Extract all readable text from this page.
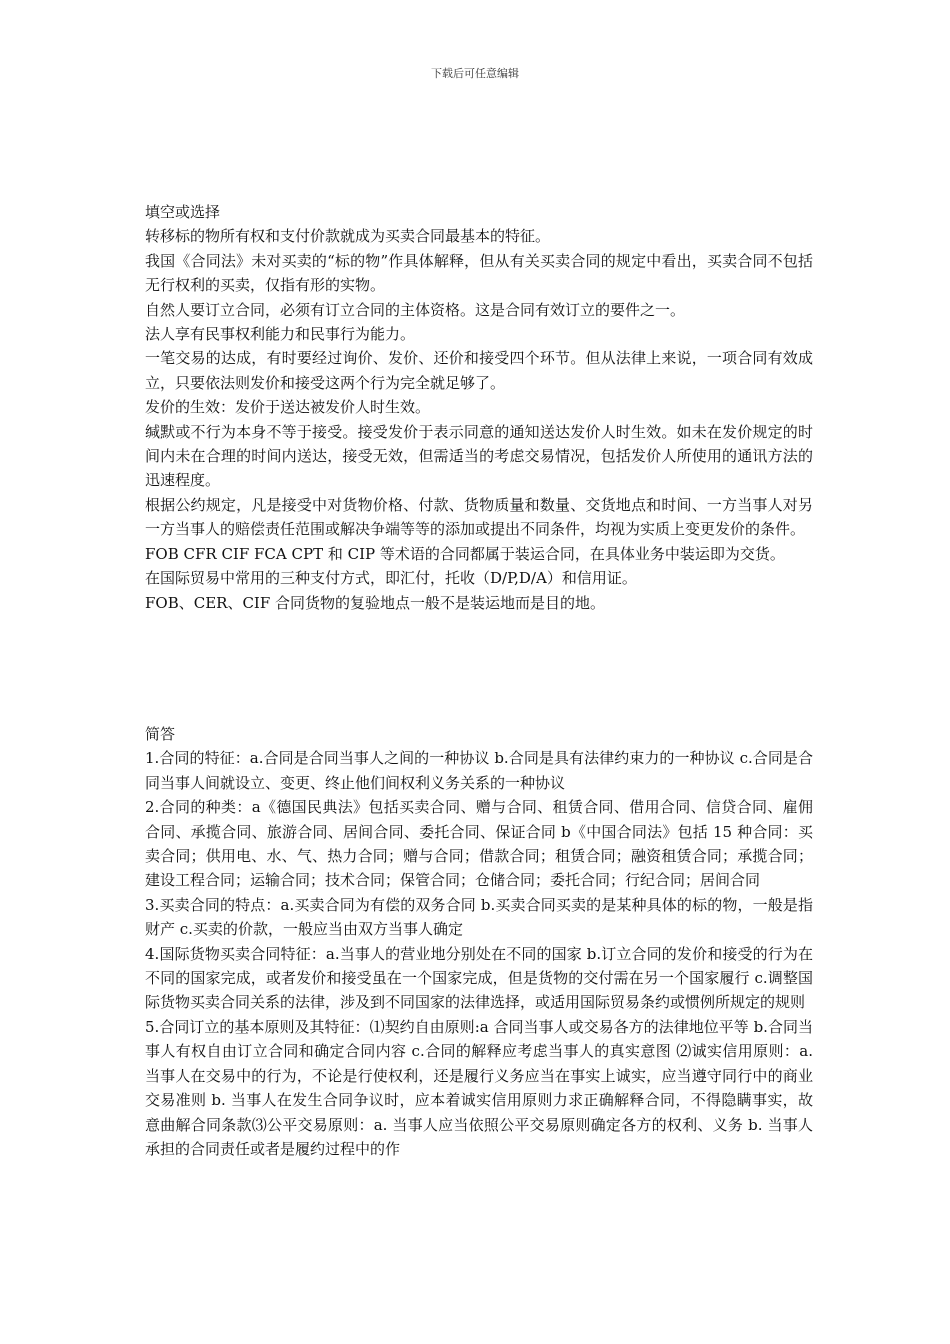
下载后可任意编辑

填空或选择

转移标的物所有权和支付价款就成为买卖合同最基本的特征。

我国《合同法》未对买卖的“标的物”作具体解释，但从有关买卖合同的规定中看出，买卖合同不包括无行权利的买卖，仅指有形的实物。

自然人要订立合同，必须有订立合同的主体资格。这是合同有效订立的要件之一。

法人享有民事权利能力和民事行为能力。

一笔交易的达成，有时要经过询价、发价、还价和接受四个环节。但从法律上来说，一项合同有效成立，只要依法则发价和接受这两个行为完全就足够了。

发价的生效：发价于送达被发价人时生效。

缄默或不行为本身不等于接受。接受发价于表示同意的通知送达发价人时生效。如未在发价规定的时间内未在合理的时间内送达，接受无效，但需适当的考虑交易情况，包括发价人所使用的通讯方法的迅速程度。

根据公约规定，凡是接受中对货物价格、付款、货物质量和数量、交货地点和时间、一方当事人对另一方当事人的赔偿责任范围或解决争端等等的添加或提出不同条件，均视为实质上变更发价的条件。

FOB CFR CIF FCA CPT 和 CIP 等术语的合同都属于装运合同，在具体业务中装运即为交货。

在国际贸易中常用的三种支付方式，即汇付，托收（D/P,D/A）和信用证。

FOB、CER、CIF 合同货物的复验地点一般不是装运地而是目的地。

简答

1.合同的特征：a.合同是合同当事人之间的一种协议 b.合同是具有法律约束力的一种协议 c.合同是合同当事人间就设立、变更、终止他们间权利义务关系的一种协议

2.合同的种类：a《德国民典法》包括买卖合同、赠与合同、租赁合同、借用合同、信贷合同、雇佣合同、承揽合同、旅游合同、居间合同、委托合同、保证合同 b《中国合同法》包括 15 种合同：买卖合同；供用电、水、气、热力合同；赠与合同；借款合同；租赁合同；融资租赁合同；承揽合同；建设工程合同；运输合同；技术合同；保管合同；仓储合同；委托合同；行纪合同；居间合同

3.买卖合同的特点：a.买卖合同为有偿的双务合同 b.买卖合同买卖的是某种具体的标的物，一般是指财产 c.买卖的价款，一般应当由双方当事人确定

4.国际货物买卖合同特征：a.当事人的营业地分别处在不同的国家 b.订立合同的发价和接受的行为在不同的国家完成，或者发价和接受虽在一个国家完成，但是货物的交付需在另一个国家履行 c.调整国际货物买卖合同关系的法律，涉及到不同国家的法律选择，或适用国际贸易条约或惯例所规定的规则

5.合同订立的基本原则及其特征：⑴契约自由原则:a 合同当事人或交易各方的法律地位平等 b.合同当事人有权自由订立合同和确定合同内容 c.合同的解释应考虑当事人的真实意图 ⑵诚实信用原则：a. 当事人在交易中的行为，不论是行使权利，还是履行义务应当在事实上诚实，应当遵守同行中的商业交易准则 b. 当事人在发生合同争议时，应本着诚实信用原则力求正确解释合同，不得隐瞒事实，故意曲解合同条款⑶公平交易原则：a. 当事人应当依照公平交易原则确定各方的权利、义务 b. 当事人承担的合同责任或者是履约过程中的作
